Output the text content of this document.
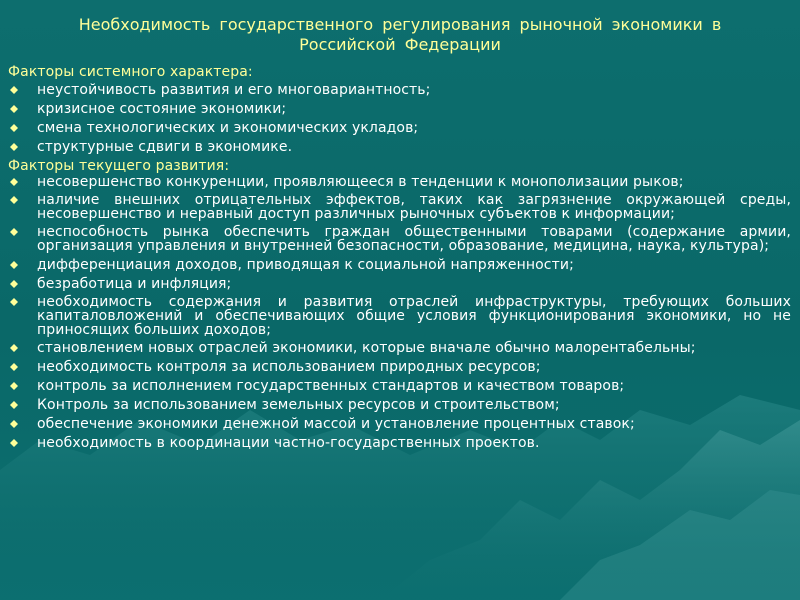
Необходимость государственного регулирования рыночной экономики в Российской Федерации

Факторы системного характера:

неустойчивость развития и его многовариантность;
кризисное состояние экономики;
смена технологических и экономических укладов;
структурные сдвиги в экономике.

Факторы текущего развития:

несовершенство конкуренции, проявляющееся в тенденции к монополизации рыков;
наличие внешних отрицательных эффектов, таких как загрязнение окружающей среды, несовершенство и неравный доступ различных рыночных субъектов к информации;
неспособность рынка обеспечить граждан общественными товарами (содержание армии, организация управления и внутренней безопасности, образование, медицина, наука, культура);
дифференциация доходов, приводящая к социальной напряженности;
безработица и инфляция;
необходимость содержания и развития отраслей инфраструктуры, требующих больших капиталовложений и обеспечивающих общие условия функционирования экономики, но не приносящих больших доходов;
становлением новых отраслей экономики, которые вначале обычно малорентабельны;
необходимость контроля за использованием природных ресурсов;
контроль за исполнением государственных стандартов и качеством товаров;
Контроль за использованием земельных ресурсов и строительством;
обеспечение экономики денежной массой и установление процентных ставок;
необходимость в координации частно-государственных проектов.
